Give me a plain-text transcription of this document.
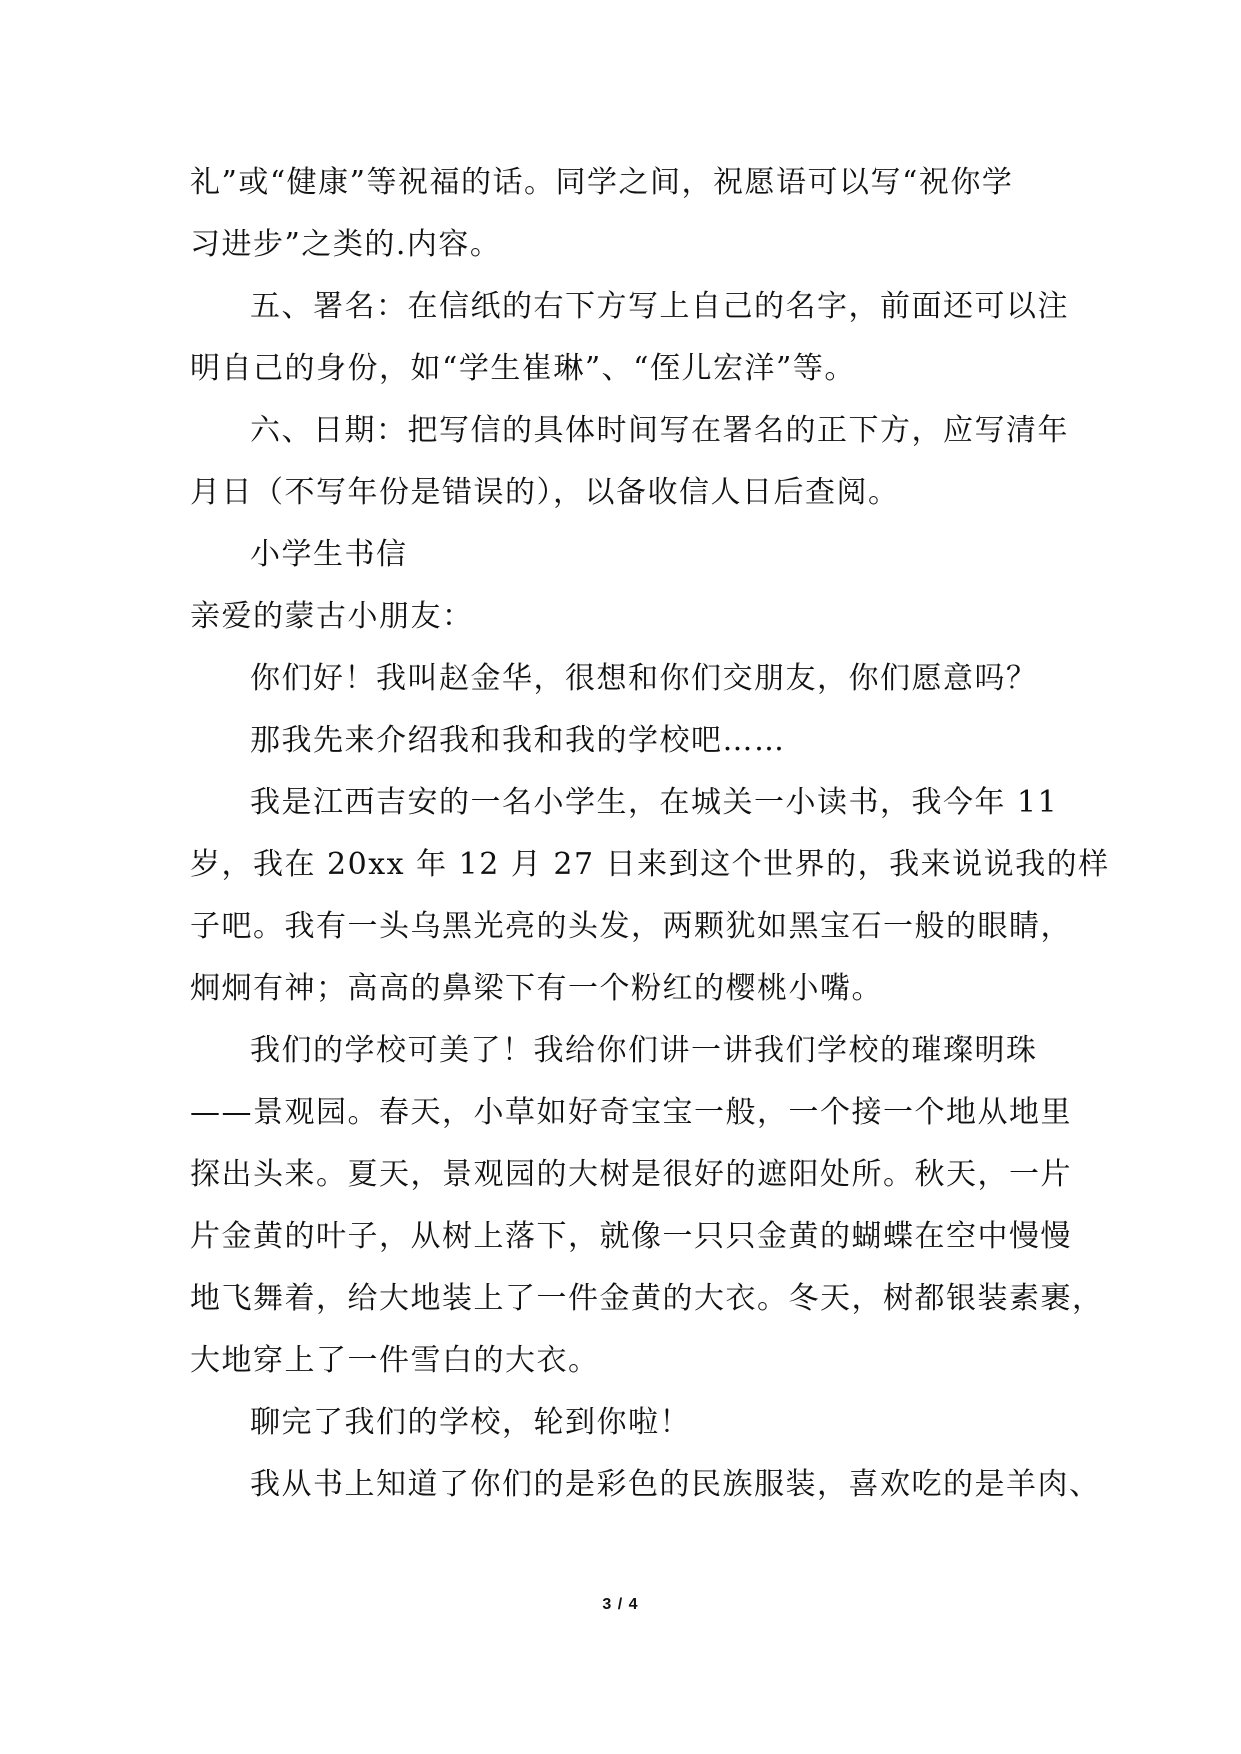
礼”或“健康”等祝福的话。同学之间，祝愿语可以写“祝你学
习进步”之类的.内容。
五、署名：在信纸的右下方写上自己的名字，前面还可以注
明自己的身份，如“学生崔琳”、“侄儿宏洋”等。
六、日期：把写信的具体时间写在署名的正下方，应写清年
月日（不写年份是错误的），以备收信人日后查阅。
小学生书信
亲爱的蒙古小朋友：
你们好！我叫赵金华，很想和你们交朋友，你们愿意吗？
那我先来介绍我和我和我的学校吧……
我是江西吉安的一名小学生，在城关一小读书，我今年 11
岁，我在 20xx 年 12 月 27 日来到这个世界的，我来说说我的样
子吧。我有一头乌黑光亮的头发，两颗犹如黑宝石一般的眼睛，
炯炯有神；高高的鼻梁下有一个粉红的樱桃小嘴。
我们的学校可美了！我给你们讲一讲我们学校的璀璨明珠
——景观园。春天，小草如好奇宝宝一般，一个接一个地从地里
探出头来。夏天，景观园的大树是很好的遮阳处所。秋天，一片
片金黄的叶子，从树上落下，就像一只只金黄的蝴蝶在空中慢慢
地飞舞着，给大地装上了一件金黄的大衣。冬天，树都银装素裹，
大地穿上了一件雪白的大衣。
聊完了我们的学校，轮到你啦！
我从书上知道了你们的是彩色的民族服装，喜欢吃的是羊肉、
3 / 4
